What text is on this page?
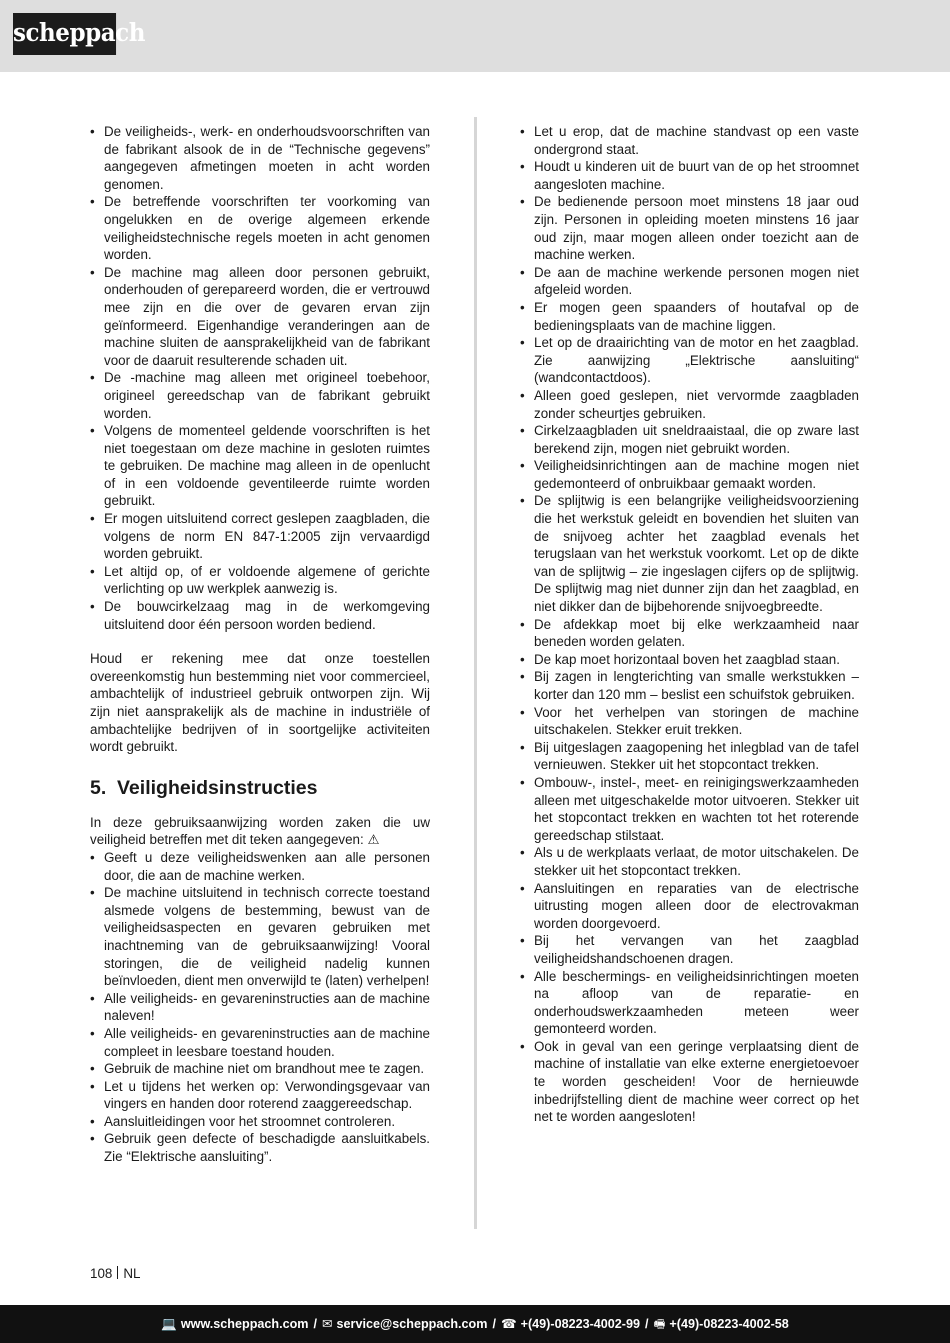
scheppach
• De veiligheids-, werk- en onderhoudsvoorschriften van de fabrikant alsook de in de “Technische gegevens” aangegeven afmetingen moeten in acht worden genomen.
• De betreffende voorschriften ter voorkoming van ongelukken en de overige algemeen erkende veiligheidstechnische regels moeten in acht genomen worden.
• De machine mag alleen door personen gebruikt, onderhouden of gerepareerd worden, die er vertrouwd mee zijn en die over de gevaren ervan zijn geïnformeerd. Eigenhandige veranderingen aan de machine sluiten de aansprakelijkheid van de fabrikant voor de daaruit resulterende schaden uit.
• De -machine mag alleen met origineel toebehoor, origineel gereedschap van de fabrikant gebruikt worden.
• Volgens de momenteel geldende voorschriften is het niet toegestaan om deze machine in gesloten ruimtes te gebruiken. De machine mag alleen in de openlucht of in een voldoende geventileerde ruimte worden gebruikt.
• Er mogen uitsluitend correct geslepen zaagbladen, die volgens de norm EN 847-1:2005 zijn vervaardigd worden gebruikt.
• Let altijd op, of er voldoende algemene of gerichte verlichting op uw werkplek aanwezig is.
• De bouwcirkelzaag mag in de werkomgeving uitsluitend door één persoon worden bediend.

Houd er rekening mee dat onze toestellen overeenkomstig hun bestemming niet voor commercieel, ambachtelijk of industrieel gebruik ontworpen zijn. Wij zijn niet aansprakelijk als de machine in industriële of ambachtelijke bedrijven of in soortgelijke activiteiten wordt gebruikt.

5. Veiligheidsinstructies

In deze gebruiksaanwijzing worden zaken die uw veiligheid betreffen met dit teken aangegeven: ⚠

• Geeft u deze veiligheidswenken aan alle personen door, die aan de machine werken.
• De machine uitsluitend in technisch correcte toestand alsmede volgens de bestemming, bewust van de veiligheidsaspecten en gevaren gebruiken met inachtneming van de gebruiksaanwijzing! Vooral storingen, die de veiligheid nadelig kunnen beïnvloeden, dient men onverwijld te (laten) verhelpen!
• Alle veiligheids- en gevareninstructies aan de machine naleven!
• Alle veiligheids- en gevareninstructies aan de machine compleet in leesbare toestand houden.
• Gebruik de machine niet om brandhout mee te zagen.
• Let u tijdens het werken op: Verwondingsgevaar van vingers en handen door roterend zaaggereedschap.
• Aansluitleidingen voor het stroomnet controleren.
• Gebruik geen defecte of beschadigde aansluitkabels. Zie “Elektrische aansluiting”.
• Let u erop, dat de machine standvast op een vaste ondergrond staat.
• Houdt u kinderen uit de buurt van de op het stroomnet aangesloten machine.
• De bedienende persoon moet minstens 18 jaar oud zijn. Personen in opleiding moeten minstens 16 jaar oud zijn, maar mogen alleen onder toezicht aan de machine werken.
• De aan de machine werkende personen mogen niet afgeleid worden.
• Er mogen geen spaanders of houtafval op de bedieningsplaats van de machine liggen.
• Let op de draairichting van de motor en het zaagblad. Zie aanwijzing „Elektrische aansluiting“ (wandcontactdoos).
• Alleen goed geslepen, niet vervormde zaagbladen zonder scheurtjes gebruiken.
• Cirkelzaagbladen uit sneldraaistaal, die op zware last berekend zijn, mogen niet gebruikt worden.
• Veiligheidsinrichtingen aan de machine mogen niet gedemonteerd of onbruikbaar gemaakt worden.
• De splijtwig is een belangrijke veiligheidsvoorziening die het werkstuk geleidt en bovendien het sluiten van de snijvoeg achter het zaagblad evenals het terugslaan van het werkstuk voorkomt. Let op de dikte van de splijtwig – zie ingeslagen cijfers op de splijtwig. De splijtwig mag niet dunner zijn dan het zaagblad, en niet dikker dan de bijbehorende snijvoegbreedte.
• De afdekkap moet bij elke werkzaamheid naar beneden worden gelaten.
• De kap moet horizontaal boven het zaagblad staan.
• Bij zagen in lengterichting van smalle werkstukken – korter dan 120 mm – beslist een schuifstok gebruiken.
• Voor het verhelpen van storingen de machine uitschakelen. Stekker eruit trekken.
• Bij uitgeslagen zaagopening het inlegblad van de tafel vernieuwen. Stekker uit het stopcontact trekken.
• Ombouw-, instel-, meet- en reinigingswerkzaamheden alleen met uitgeschakelde motor uitvoeren. Stekker uit het stopcontact trekken en wachten tot het roterende gereedschap stilstaat.
• Als u de werkplaats verlaat, de motor uitschakelen. De stekker uit het stopcontact trekken.
• Aansluitingen en reparaties van de electrische uitrusting mogen alleen door de electrovakman worden doorgevoerd.
• Bij het vervangen van het zaagblad veiligheidshandschoenen dragen.
• Alle beschermings- en veiligheidsinrichtingen moeten na afloop van de reparatie- en onderhoudswerkzaamheden meteen weer gemonteerd worden.
• Ook in geval van een geringe verplaatsing dient de machine of installatie van elke externe energietoevoer te worden gescheiden! Voor de hernieuwde inbedrijfstelling dient de machine weer correct op het net te worden aangesloten!
108 NL
💻 www.scheppach.com / ✉ service@scheppach.com / ☎ +(49)-08223-4002-99 / 🖷 +(49)-08223-4002-58
